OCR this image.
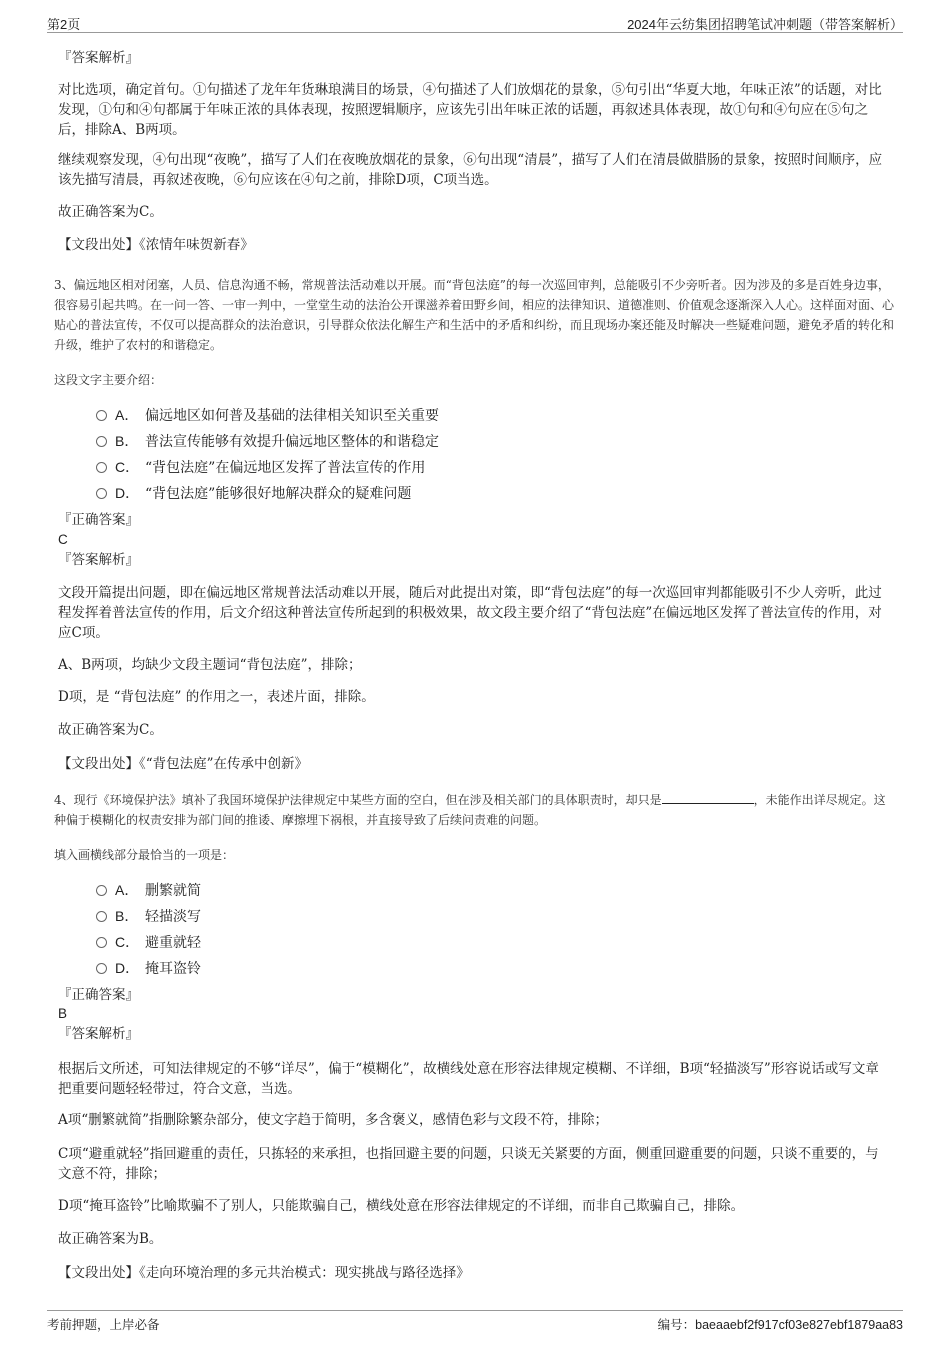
第2页	2024年云纺集团招聘笔试冲刺题（带答案解析）
『答案解析』
对比选项，确定首句。①句描述了龙年年货琳琅满目的场景，④句描述了人们放烟花的景象，⑤句引出“华夏大地，年味正浓”的话题，对比发现，①句和④句都属于年味正浓的具体表现，按照逻辑顺序，应该先引出年味正浓的话题，再叙述具体表现，故①句和④句应在⑤句之后，排除A、B两项。
继续观察发现，④句出现“夜晚”，描写了人们在夜晚放烟花的景象，⑥句出现“清晨”，描写了人们在清晨做腊肠的景象，按照时间顺序，应该先描写清晨，再叙述夜晚，⑥句应该在④句之前，排除D项，C项当选。
故正确答案为C。
【文段出处】《浓情年味贺新春》
3、偏远地区相对闭塞，人员、信息沟通不畅，常规普法活动难以开展。而“背包法庭”的每一次巡回审判，总能吸引不少旁听者。因为涉及的多是百姓身边事，很容易引起共鸣。在一问一答、一审一判中，一堂堂生动的法治公开课滋养着田野乡间，相应的法律知识、道德准则、价值观念逐渐深入人心。这样面对面、心贴心的普法宣传，不仅可以提高群众的法治意识，引导群众依法化解生产和生活中的矛盾和纠纷，而且现场办案还能及时解决一些疑难问题，避免矛盾的转化和升级，维护了农村的和谐稳定。
这段文字主要介绍：
A． 偏远地区如何普及基础的法律相关知识至关重要
B． 普法宣传能够有效提升偏远地区整体的和谐稳定
C． “背包法庭”在偏远地区发挥了普法宣传的作用
D． “背包法庭”能够很好地解决群众的疑难问题
『正确答案』
C
『答案解析』
文段开篇提出问题，即在偏远地区常规普法活动难以开展，随后对此提出对策，即“背包法庭”的每一次巡回审判都能吸引不少人旁听，此过程发挥着普法宣传的作用，后文介绍这种普法宣传所起到的积极效果，故文段主要介绍了“背包法庭”在偏远地区发挥了普法宣传的作用，对应C项。
A、B两项，均缺少文段主题词“背包法庭”，排除；
D项，是 “背包法庭” 的作用之一，表述片面，排除。
故正确答案为C。
【文段出处】《“背包法庭”在传承中创新》
4、现行《环境保护法》填补了我国环境保护法律规定中某些方面的空白，但在涉及相关部门的具体职责时，却只是	，未能作出详尽规定。这种偏于模糊化的权责安排为部门间的推诿、摩擦埋下祸根，并直接导致了后续问责难的问题。
填入画横线部分最恰当的一项是：
A． 删繁就简
B． 轻描淡写
C． 避重就轻
D． 掩耳盗铃
『正确答案』
B
『答案解析』
根据后文所述，可知法律规定的不够“详尽”，偏于“模糊化”，故横线处意在形容法律规定模糊、不详细，B项“轻描淡写”形容说话或写文章把重要问题轻轻带过，符合文意，当选。
A项“删繁就简”指删除繁杂部分，使文字趋于简明，多含褒义，感情色彩与文段不符，排除；
C项“避重就轻”指回避重的责任，只拣轻的来承担，也指回避主要的问题，只谈无关紧要的方面，侧重回避重要的问题，只谈不重要的，与文意不符，排除；
D项“掩耳盗铃”比喻欺骗不了别人，只能欺骗自己，横线处意在形容法律规定的不详细，而非自己欺骗自己，排除。
故正确答案为B。
【文段出处】《走向环境治理的多元共治模式：现实挑战与路径选择》
考前押题，上岸必备	编号：baeaaebf2f917cf03e827ebf1879aa83
